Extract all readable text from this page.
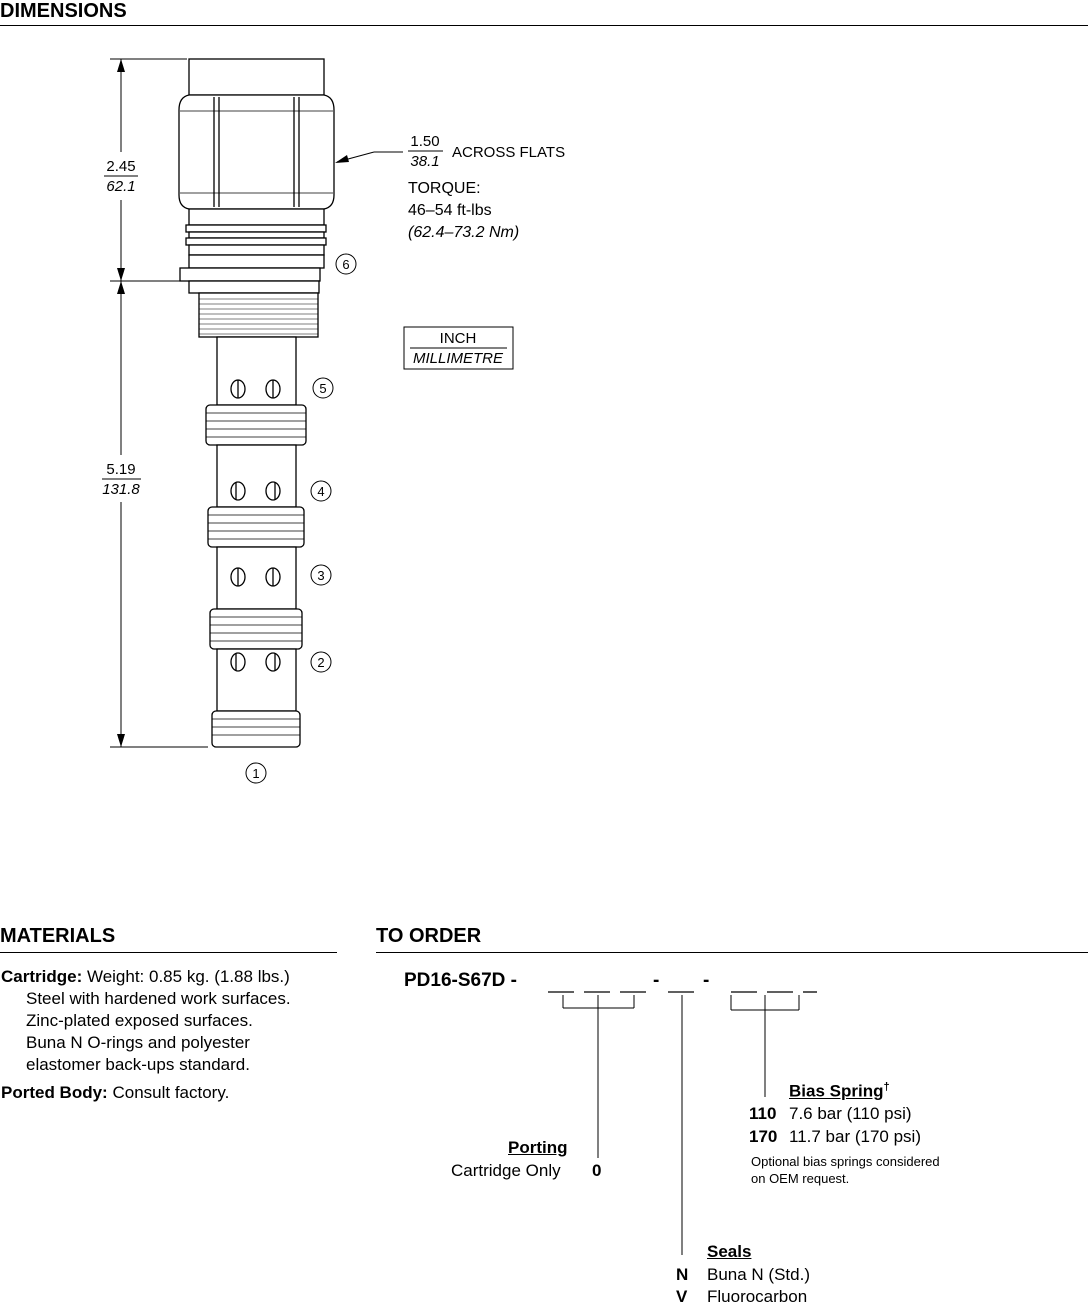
DIMENSIONS
MATERIALS	TO ORDER
2.45
62.1
5.19
131.8
6
5
4
3
2
1
1.50
38.1
ACROSS FLATS
TORQUE:
46–54 ft-lbs
(62.4–73.2 Nm)
INCH
MILLIMETRE
Cartridge: Weight: 0.85 kg. (1.88 lbs.)
Steel with hardened work surfaces.
Zinc-plated exposed surfaces.
Buna N O-rings and polyester
elastomer back-ups standard.
Ported Body: Consult factory.
PD16-S67D -	- -
Porting
Cartridge Only 0
Bias Spring†
110 7.6 bar (110 psi)
170 11.7 bar (170 psi)
Optional bias springs considered
on OEM request.
Seals
N Buna N (Std.)
V Fluorocarbon
